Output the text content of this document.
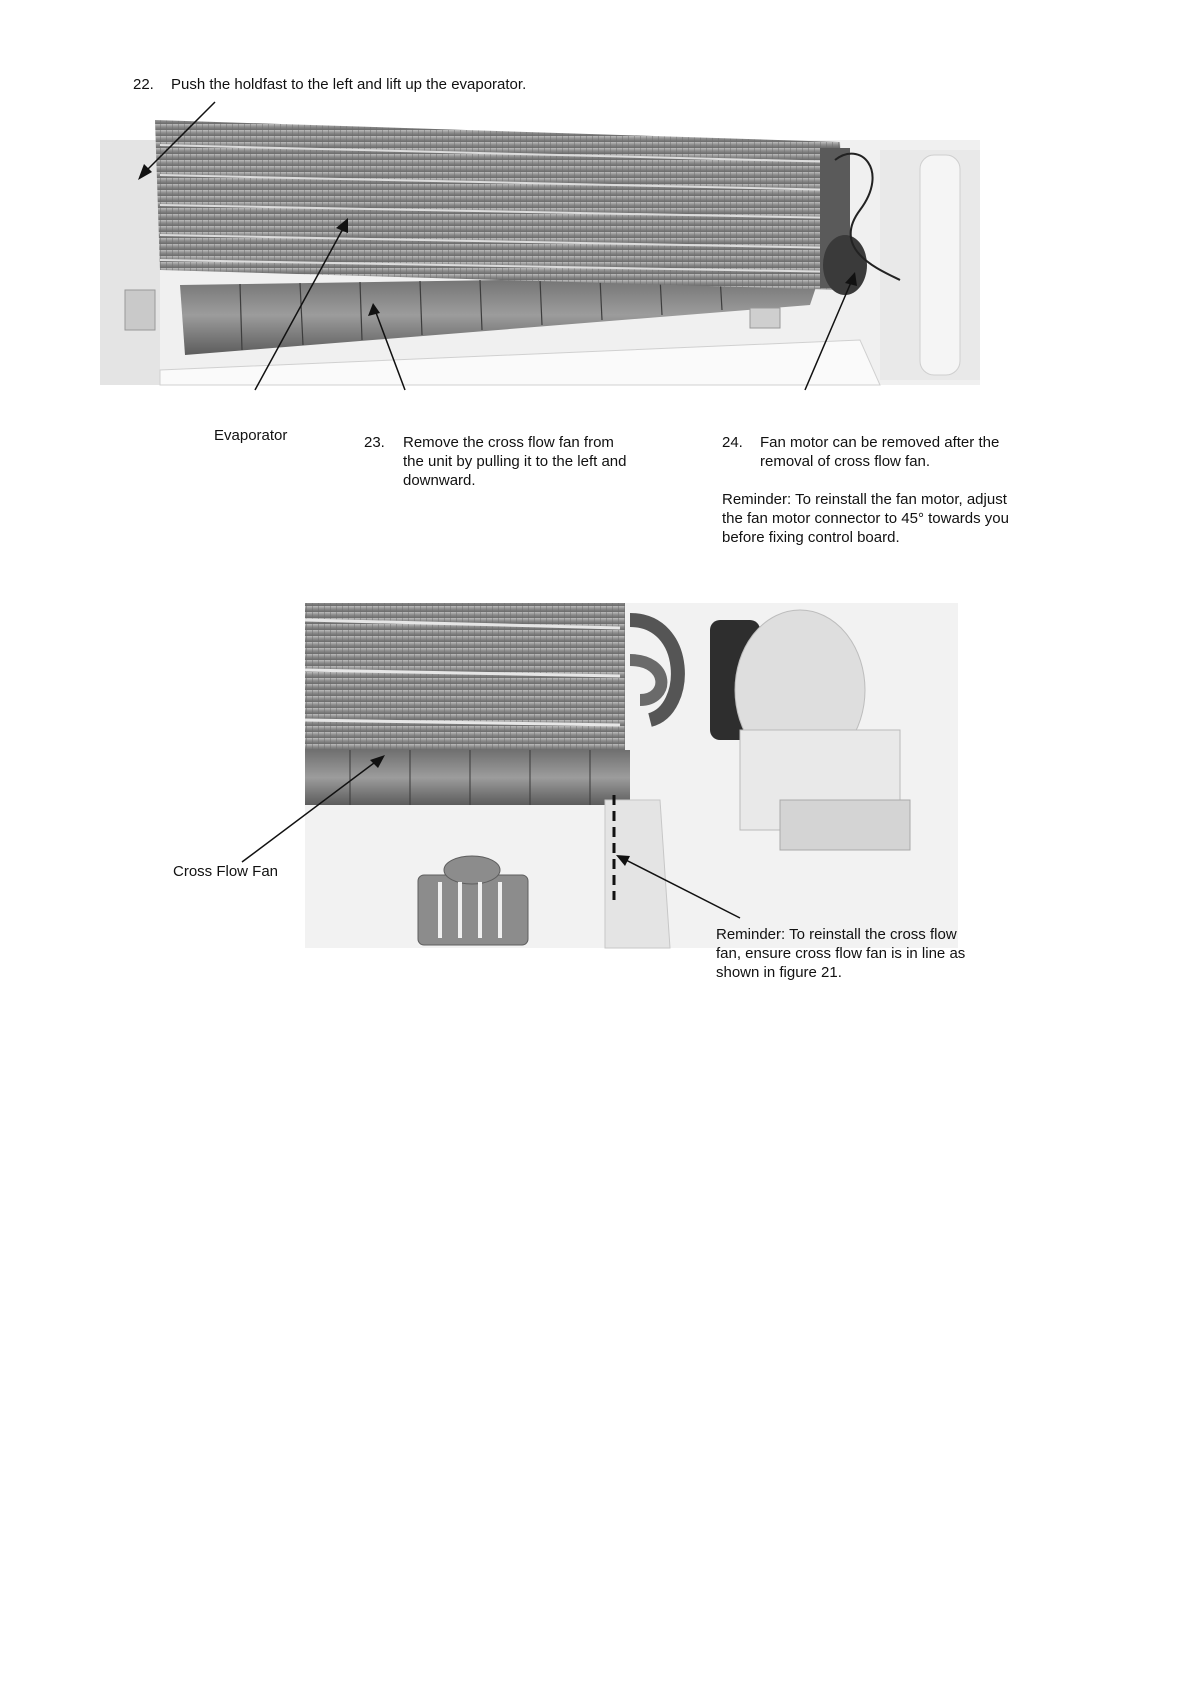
22. Push the holdfast to the left and lift up the evaporator.
Evaporator	23. Remove the cross flow fan from
the unit by pulling it to the left and
downward.
24. Fan motor can be removed after the
removal of cross flow fan.
Reminder: To reinstall the fan motor, adjust
the fan motor connector to 45° towards you
before fixing control board.
Cross Flow Fan
Reminder: To reinstall the cross flow
fan, ensure cross flow fan is in line as
shown in figure 21.
